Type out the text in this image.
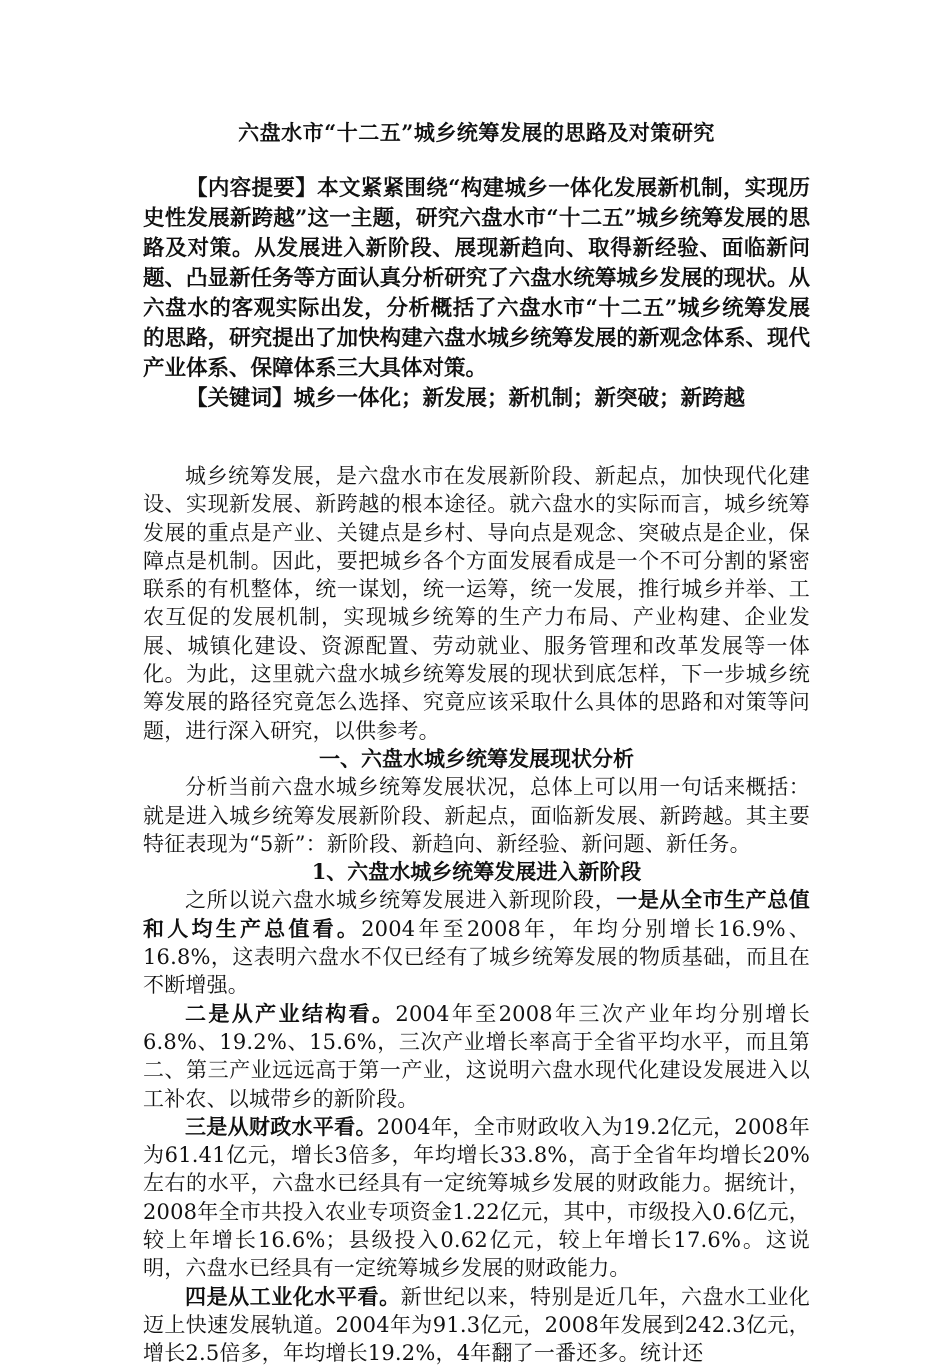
六盘水市“十二五”城乡统筹发展的思路及对策研究

【内容提要】本文紧紧围绕“构建城乡一体化发展新机制，实现历史性发展新跨越”这一主题，研究六盘水市“十二五”城乡统筹发展的思路及对策。从发展进入新阶段、展现新趋向、取得新经验、面临新问题、凸显新任务等方面认真分析研究了六盘水统筹城乡发展的现状。从六盘水的客观实际出发，分析概括了六盘水市“十二五”城乡统筹发展的思路，研究提出了加快构建六盘水城乡统筹发展的新观念体系、现代产业体系、保障体系三大具体对策。

【关键词】城乡一体化；新发展；新机制；新突破；新跨越

城乡统筹发展，是六盘水市在发展新阶段、新起点，加快现代化建设、实现新发展、新跨越的根本途径。就六盘水的实际而言，城乡统筹发展的重点是产业、关键点是乡村、导向点是观念、突破点是企业，保障点是机制。因此，要把城乡各个方面发展看成是一个不可分割的紧密联系的有机整体，统一谋划，统一运筹，统一发展，推行城乡并举、工农互促的发展机制，实现城乡统筹的生产力布局、产业构建、企业发展、城镇化建设、资源配置、劳动就业、服务管理和改革发展等一体化。为此，这里就六盘水城乡统筹发展的现状到底怎样，下一步城乡统筹发展的路径究竟怎么选择、究竟应该采取什么具体的思路和对策等问题，进行深入研究，以供参考。

一、六盘水城乡统筹发展现状分析

分析当前六盘水城乡统筹发展状况，总体上可以用一句话来概括：就是进入城乡统筹发展新阶段、新起点，面临新发展、新跨越。其主要特征表现为“5新”：新阶段、新趋向、新经验、新问题、新任务。

1、六盘水城乡统筹发展进入新阶段

之所以说六盘水城乡统筹发展进入新现阶段，一是从全市生产总值和人均生产总值看。2004年至2008年，年均分别增长16.9%、16.8%，这表明六盘水不仅已经有了城乡统筹发展的物质基础，而且在不断增强。

二是从产业结构看。2004年至2008年三次产业年均分别增长6.8%、19.2%、15.6%，三次产业增长率高于全省平均水平，而且第二、第三产业远远高于第一产业，这说明六盘水现代化建设发展进入以工补农、以城带乡的新阶段。

三是从财政水平看。2004年，全市财政收入为19.2亿元，2008年为61.41亿元，增长3倍多，年均增长33.8%，高于全省年均增长20%左右的水平，六盘水已经具有一定统筹城乡发展的财政能力。据统计，2008年全市共投入农业专项资金1.22亿元，其中，市级投入0.6亿元，较上年增长16.6%；县级投入0.62亿元，较上年增长17.6%。这说明，六盘水已经具有一定统筹城乡发展的财政能力。

四是从工业化水平看。新世纪以来，特别是近几年，六盘水工业化迈上快速发展轨道。2004年为91.3亿元，2008年发展到242.3亿元，增长2.5倍多，年均增长19.2%，4年翻了一番还多。统计还
